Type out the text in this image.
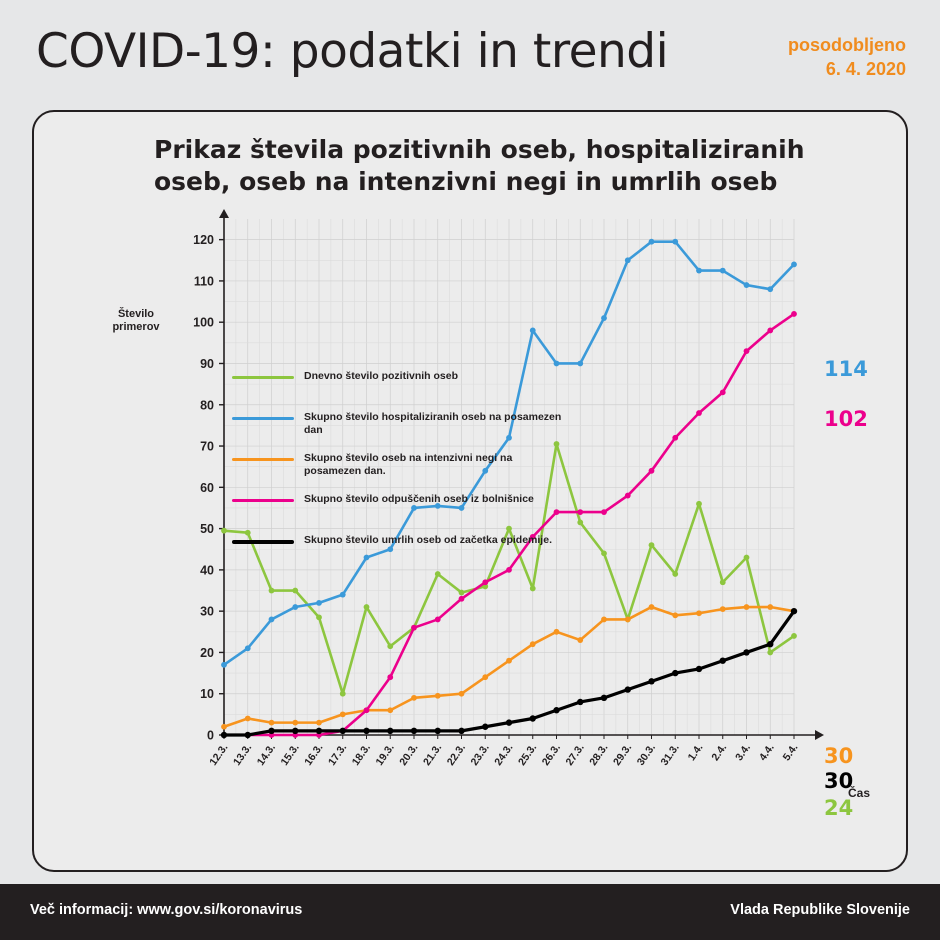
COVID-19: podatki in trendi	posodobljeno
6. 4. 2020
Prikaz števila pozitivnih oseb, hospitaliziranih oseb, oseb na intenzivni negi in umrlih oseb
Število primerov
Čas
0
10
20
30
40
50
60
70
80
90
100
110
120
12.3. 13.3. 14.3. 15.3. 16.3. 17.3. 18.3. 19.3. 20.3. 21.3. 22.3. 23.3. 24.3. 25.3. 26.3. 27.3. 28.3. 29.3. 30.3. 31.3. 1.4. 2.4. 3.4. 4.4. 5.4.
Dnevno število pozitivnih oseb
Skupno število hospitaliziranih oseb na posamezen dan
Skupno število oseb na intenzivni negi na posamezen dan.
Skupno število odpuščenih oseb iz bolnišnice
Skupno število umrlih oseb od začetka epidemije.
114
102
30
30
24
Več informacij: www.gov.si/koronavirus	Vlada Republike Slovenije
